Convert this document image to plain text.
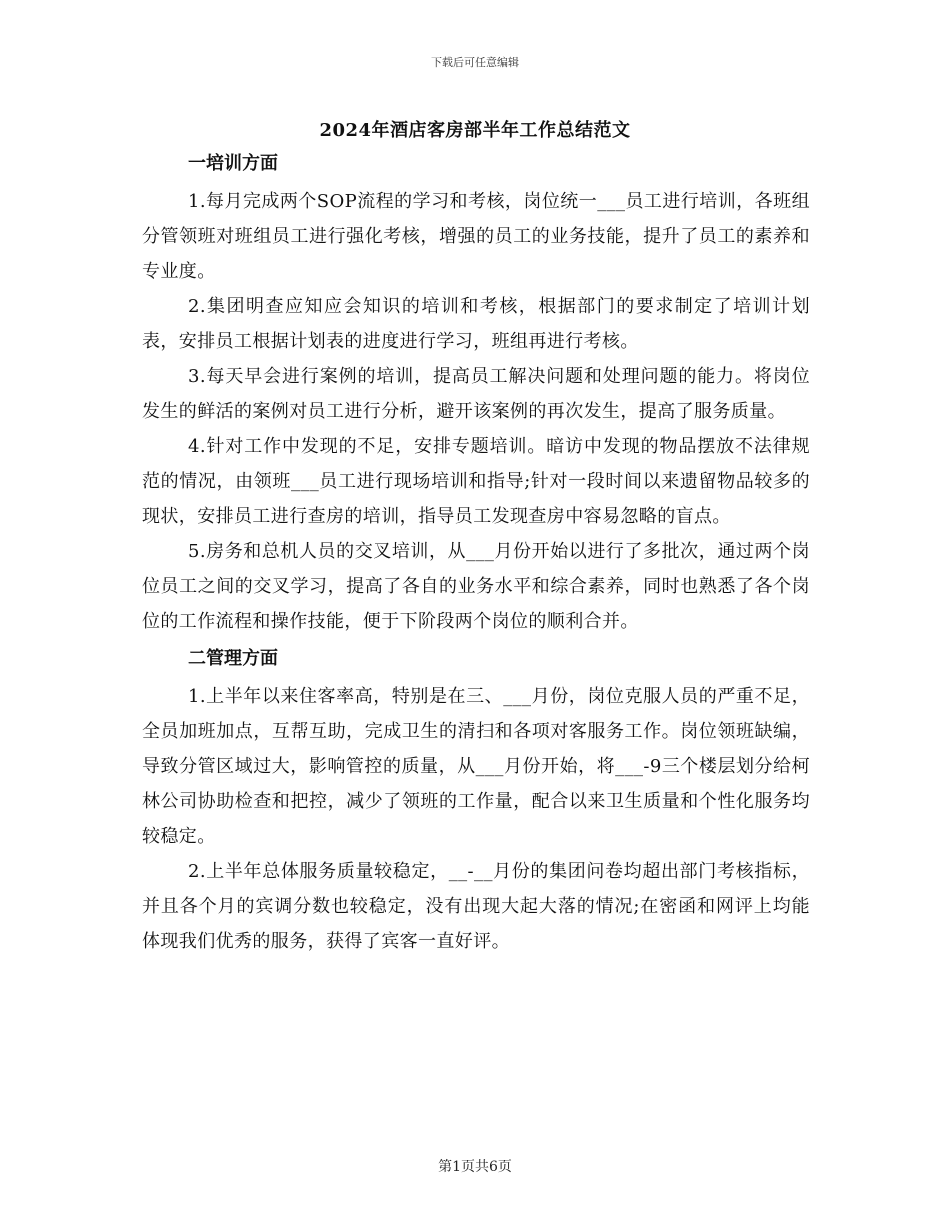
下载后可任意编辑
2024年酒店客房部半年工作总结范文
一培训方面

1.每月完成两个SOP流程的学习和考核，岗位统一___员工进行培训，各班组分管领班对班组员工进行强化考核，增强的员工的业务技能，提升了员工的素养和专业度。

2.集团明查应知应会知识的培训和考核，根据部门的要求制定了培训计划表，安排员工根据计划表的进度进行学习，班组再进行考核。

3.每天早会进行案例的培训，提高员工解决问题和处理问题的能力。将岗位发生的鲜活的案例对员工进行分析，避开该案例的再次发生，提高了服务质量。

4.针对工作中发现的不足，安排专题培训。暗访中发现的物品摆放不法律规范的情况，由领班___员工进行现场培训和指导;针对一段时间以来遗留物品较多的现状，安排员工进行查房的培训，指导员工发现查房中容易忽略的盲点。

5.房务和总机人员的交叉培训，从___月份开始以进行了多批次，通过两个岗位员工之间的交叉学习，提高了各自的业务水平和综合素养，同时也熟悉了各个岗位的工作流程和操作技能，便于下阶段两个岗位的顺利合并。

二管理方面

1.上半年以来住客率高，特别是在三、___月份，岗位克服人员的严重不足，全员加班加点，互帮互助，完成卫生的清扫和各项对客服务工作。岗位领班缺编，导致分管区域过大，影响管控的质量，从___月份开始，将___-9三个楼层划分给柯林公司协助检查和把控，减少了领班的工作量，配合以来卫生质量和个性化服务均较稳定。

2.上半年总体服务质量较稳定，__-__月份的集团问卷均超出部门考核指标，并且各个月的宾调分数也较稳定，没有出现大起大落的情况;在密函和网评上均能体现我们优秀的服务，获得了宾客一直好评。

第1页共6页
